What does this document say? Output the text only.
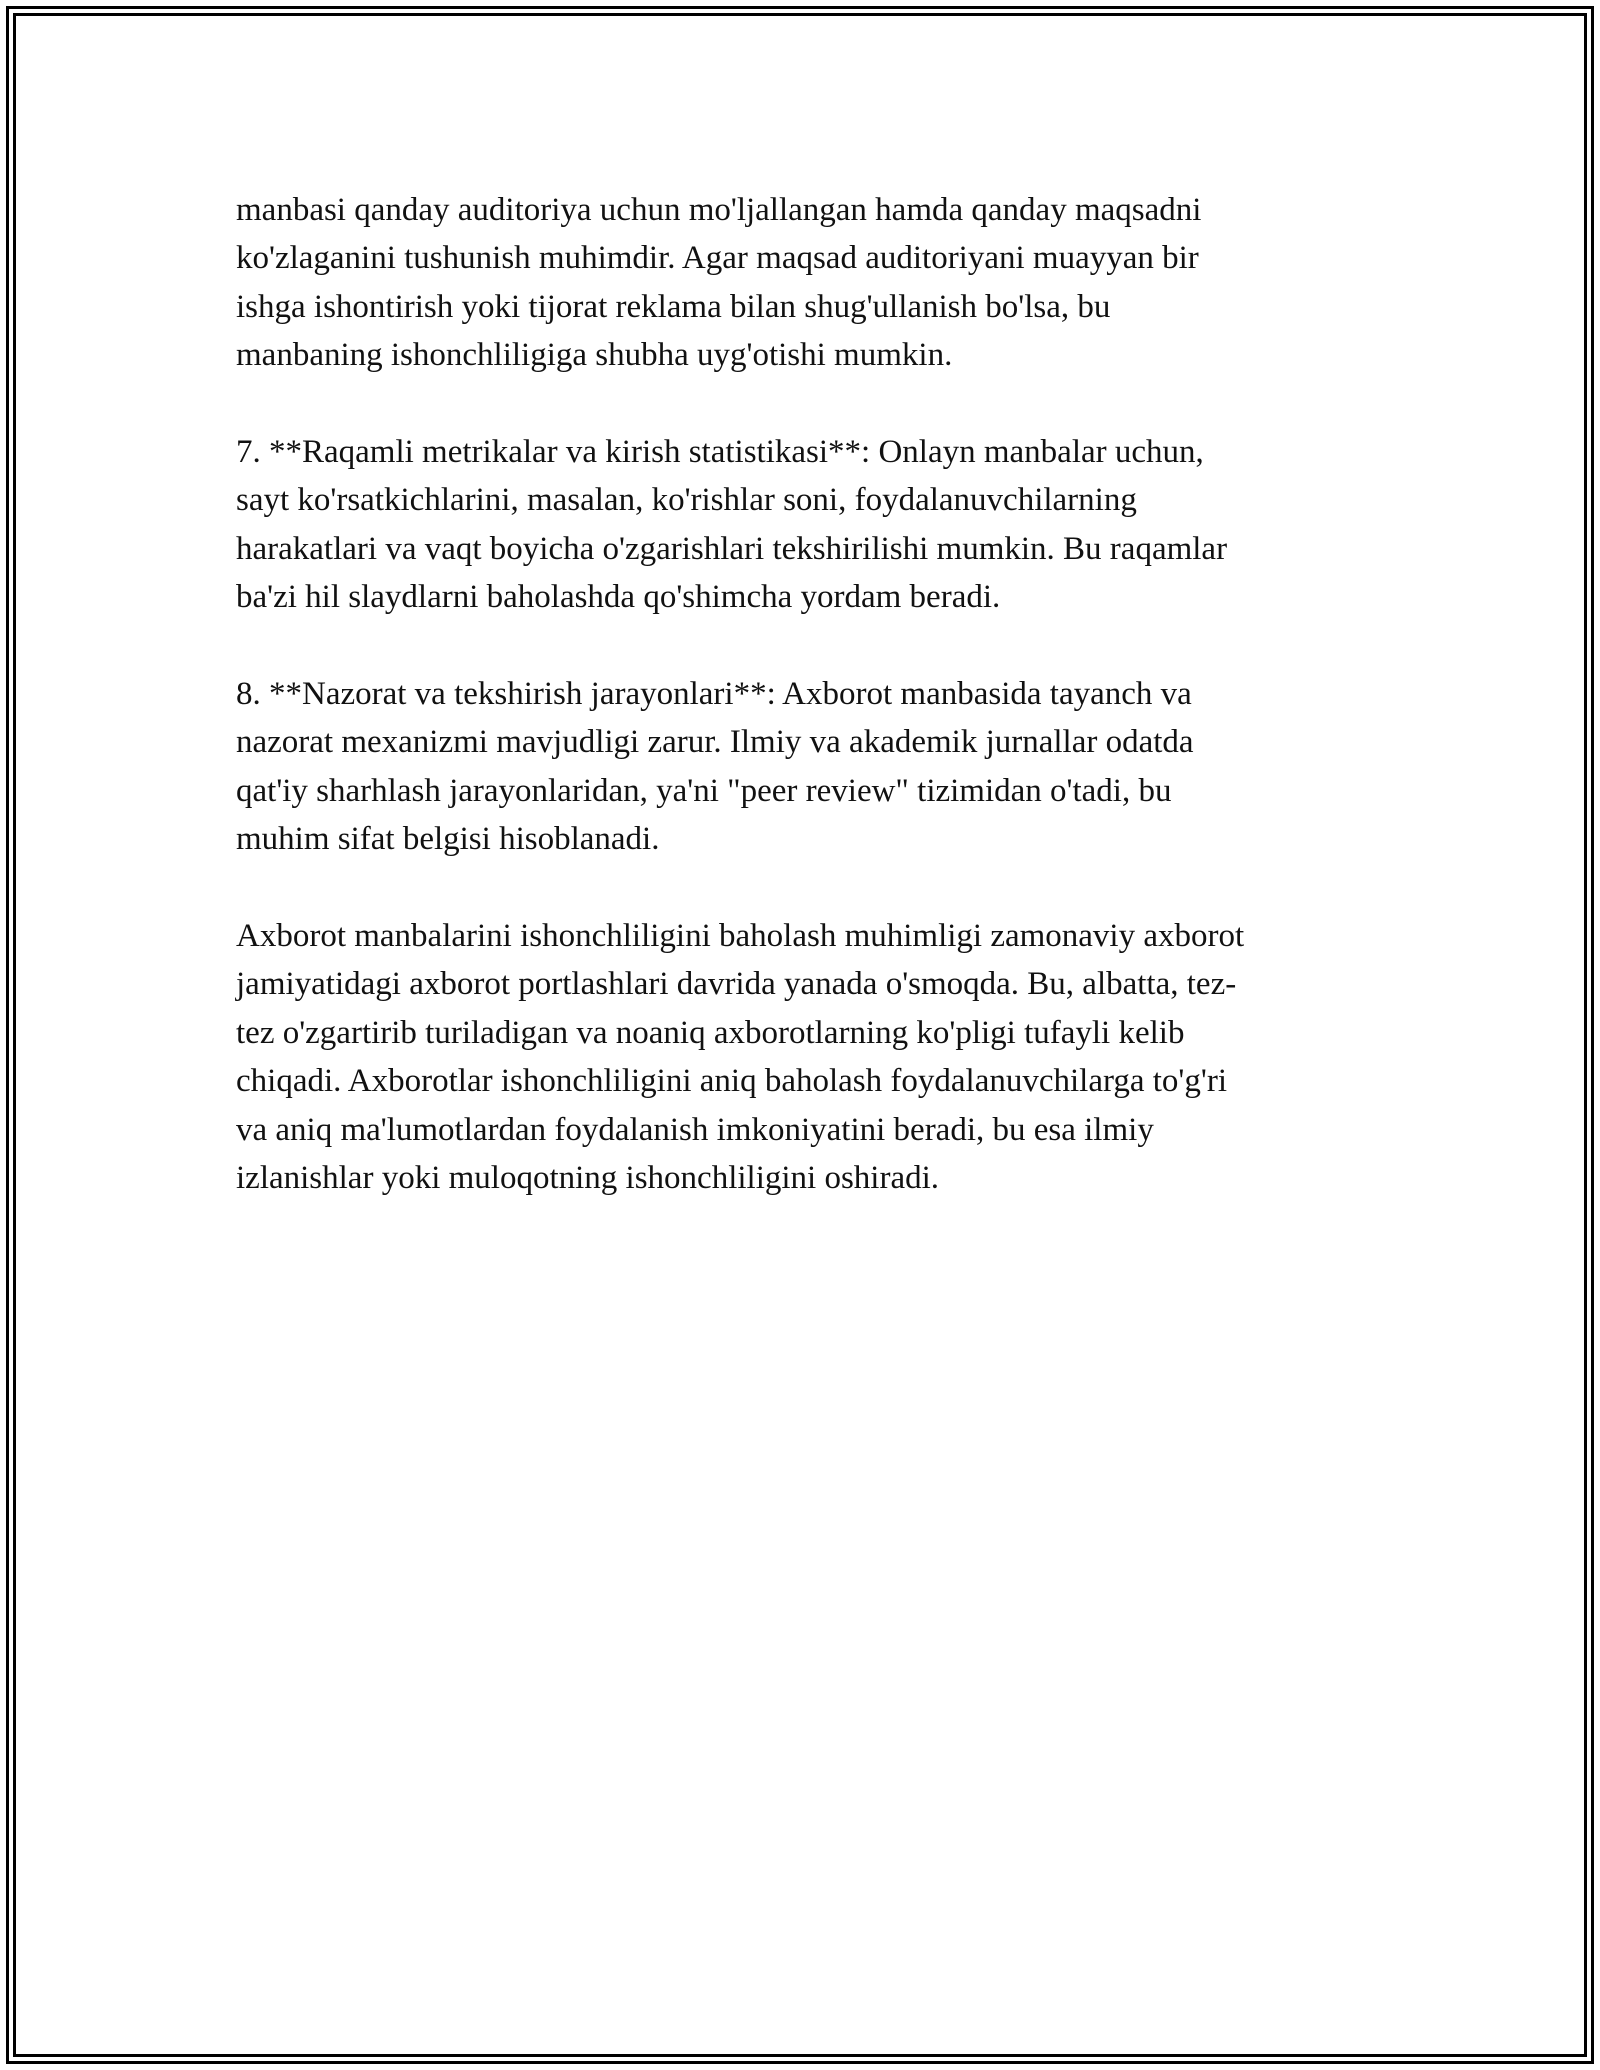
manbasi qanday auditoriya uchun mo'ljallangan hamda qanday maqsadni
ko'zlaganini tushunish muhimdir. Agar maqsad auditoriyani muayyan bir
ishga ishontirish yoki tijorat reklama bilan shug'ullanish bo'lsa, bu
manbaning ishonchliligiga shubha uyg'otishi mumkin.

7. **Raqamli metrikalar va kirish statistikasi**: Onlayn manbalar uchun,
sayt ko'rsatkichlarini, masalan, ko'rishlar soni, foydalanuvchilarning
harakatlari va vaqt boyicha o'zgarishlari tekshirilishi mumkin. Bu raqamlar
ba'zi hil slaydlarni baholashda qo'shimcha yordam beradi.

8. **Nazorat va tekshirish jarayonlari**: Axborot manbasida tayanch va
nazorat mexanizmi mavjudligi zarur. Ilmiy va akademik jurnallar odatda
qat'iy sharhlash jarayonlaridan, ya'ni "peer review" tizimidan o'tadi, bu
muhim sifat belgisi hisoblanadi.

Axborot manbalarini ishonchliligini baholash muhimligi zamonaviy axborot
jamiyatidagi axborot portlashlari davrida yanada o'smoqda. Bu, albatta, tez-
tez o'zgartirib turiladigan va noaniq axborotlarning ko'pligi tufayli kelib
chiqadi. Axborotlar ishonchliligini aniq baholash foydalanuvchilarga to'g'ri
va aniq ma'lumotlardan foydalanish imkoniyatini beradi, bu esa ilmiy
izlanishlar yoki muloqotning ishonchliligini oshiradi.
